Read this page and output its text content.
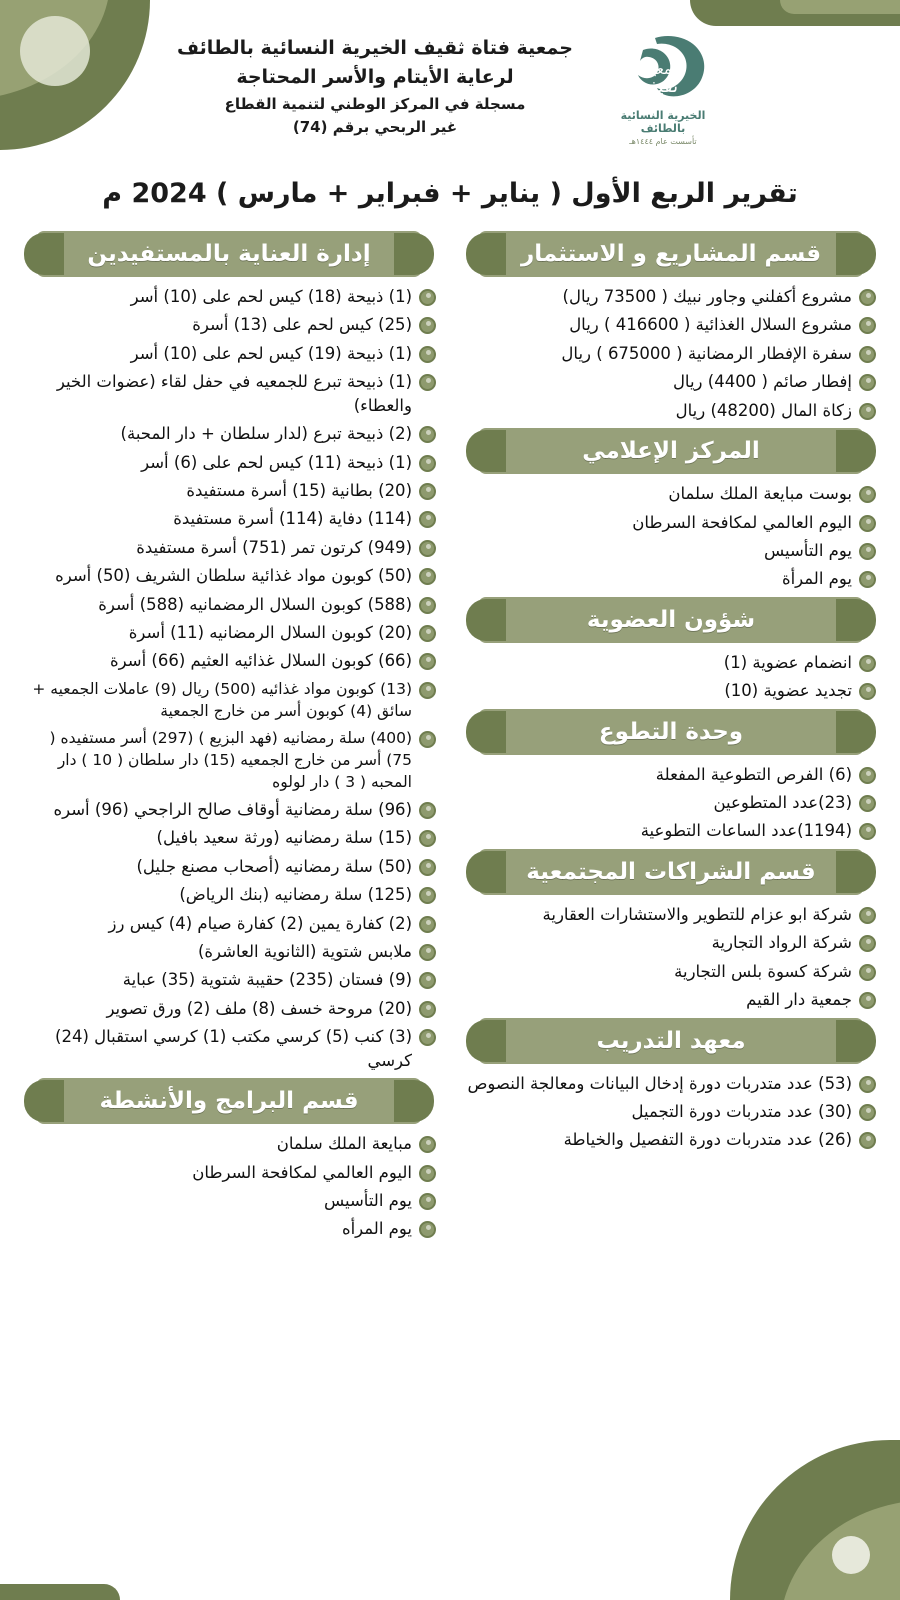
جمعية فتاة ثقيف الخيرية النسائية بالطائف
لرعاية الأيتام والأسر المحتاجة
مسجلة في المركز الوطني لتنمية القطاع
غير الربحي برقم (74)
جمعية
ثقيف
الخيرية النسائية بالطائف
تأسست عام ١٤٤٤هـ
تقرير الربع الأول ( يناير + فبراير + مارس ) 2024 م
قسم المشاريع و الاستثمار
مشروع أكفلني وجاور نبيك ( 73500 ريال)
مشروع السلال الغذائية ( 416600 ) ريال
سفرة الإفطار الرمضانية ( 675000 ) ريال
إفطار صائم ( 4400) ريال
زكاة المال (48200) ريال
المركز الإعلامي
بوست مبايعة الملك سلمان
اليوم العالمي لمكافحة السرطان
يوم التأسيس
يوم المرأة
شؤون العضوية
انضمام عضوية (1)
تجديد عضوية (10)
وحدة التطوع
(6) الفرص التطوعية المفعلة
(23)عدد المتطوعين
(1194)عدد الساعات التطوعية
قسم الشراكات المجتمعية
شركة ابو عزام للتطوير والاستشارات العقارية
شركة الرواد التجارية
شركة كسوة بلس التجارية
جمعية دار القيم
معهد التدريب
(53) عدد متدربات دورة إدخال البيانات ومعالجة النصوص
(30) عدد متدربات دورة التجميل
(26) عدد متدربات دورة التفصيل والخياطة
إدارة العناية بالمستفيدين
(1) ذبيحة (18) كيس لحم على (10) أسر
(25) كيس لحم على (13) أسرة
(1) ذبيحة (19) كيس لحم على (10) أسر
(1) ذبيحة تبرع للجمعيه في حفل لقاء (عضوات الخير والعطاء)
(2) ذبيحة تبرع (لدار سلطان + دار المحبة)
(1) ذبيحة (11) كيس لحم على (6) أسر
(20) بطانية (15) أسرة مستفيدة
(114) دفاية (114) أسرة مستفيدة
(949) كرتون تمر (751) أسرة مستفيدة
(50) كوبون مواد غذائية سلطان الشريف (50) أسره
(588) كوبون السلال الرمضمانيه (588) أسرة
(20) كوبون السلال الرمضانيه (11) أسرة
(66) كوبون السلال غذائيه العثيم (66) أسرة
(13) كوبون مواد غذائيه (500) ريال (9) عاملات الجمعيه + سائق (4) كوبون أسر من خارج الجمعية
(400) سلة رمضانيه (فهد البزيع ) (297) أسر مستفيده ( 75) أسر من خارج الجمعيه (15) دار سلطان ( 10 ) دار المحبه ( 3 ) دار لولوه
(96) سلة رمضانية أوقاف صالح الراجحي (96) أسره
(15) سلة رمضانيه (ورثة سعيد بافيل)
(50) سلة رمضانيه (أصحاب مصنع جليل)
(125) سلة رمضانيه (بنك الرياض)
(2) كفارة يمين (2) كفارة صيام (4) كيس رز
ملابس شتوية (الثانوية العاشرة)
(9) فستان (235) حقيبة شتوية (35) عباية
(20) مروحة خسف (8) ملف (2) ورق تصوير
(3) كنب (5) كرسي مكتب (1) كرسي استقبال (24) كرسي
قسم البرامج والأنشطة
مبايعة الملك سلمان
اليوم العالمي لمكافحة السرطان
يوم التأسيس
يوم المرأه
